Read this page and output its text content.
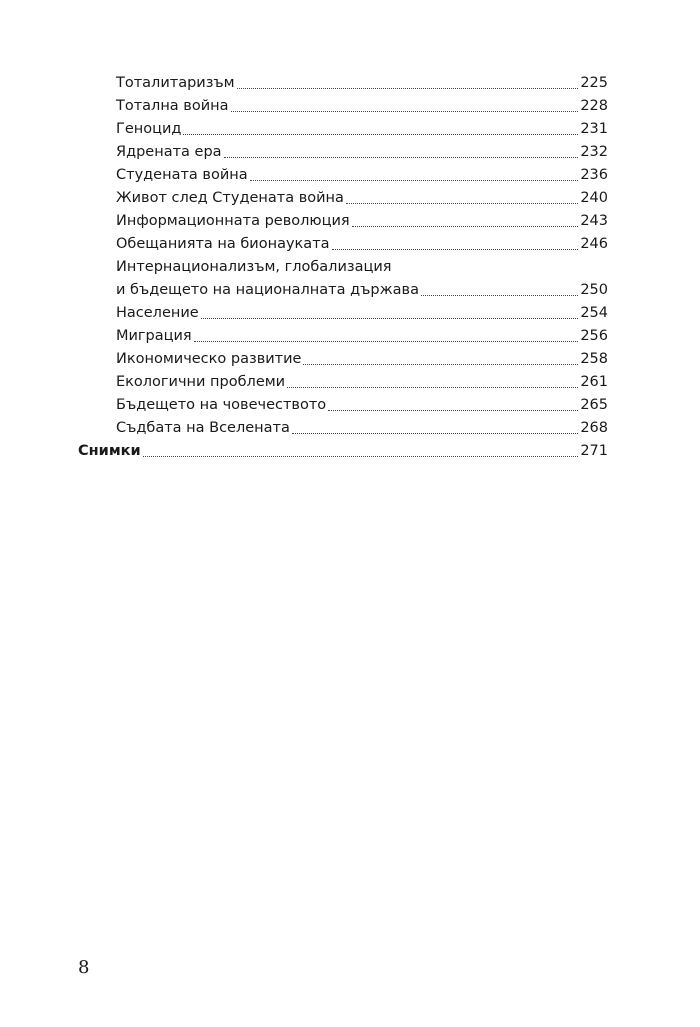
Тоталитаризъм	225
Тотална война	228
Геноцид	231
Ядрената ера	232
Студената война	236
Живот след Студената война	240
Информационната революция	243
Обещанията на бионауката	246
Интернационализъм, глобализация
и бъдещето на националната държава	250
Население	254
Миграция	256
Икономическо развитие	258
Екологични проблеми	261
Бъдещето на човечеството	265
Съдбата на Вселената	268
Снимки	271
8
